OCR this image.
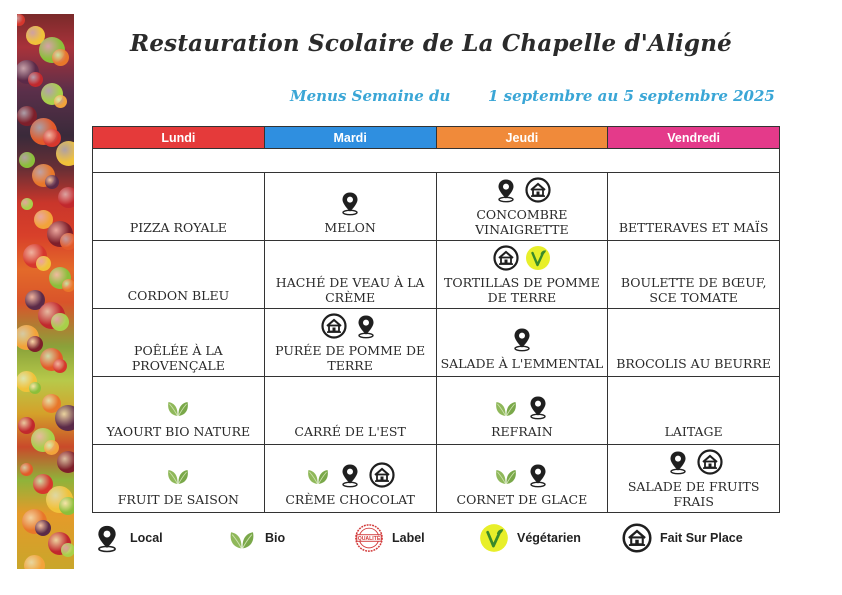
Restauration Scolaire de La Chapelle d'Aligné
Menus Semaine du	1 septembre au 5 septembre 2025
Lundi	Mardi	Jeudi	Vendredi

PIZZA ROYALE	MELON	CONCOMBRE VINAIGRETTE	BETTERAVES ET MAÏS

CORDON BLEU	HACHÉ DE VEAU À LA CRÈME	TORTILLAS DE POMME DE TERRE	BOULETTE DE BŒUF, SCE TOMATE

POÊLÉE À LA PROVENÇALE	PURÉE DE POMME DE TERRE	SALADE À L'EMMENTAL	BROCOLIS AU BEURRE

YAOURT BIO NATURE	CARRÉ DE L'EST	REFRAIN	LAITAGE

FRUIT DE SAISON	CRÈME CHOCOLAT	CORNET DE GLACE	SALADE DE FRUITS FRAIS
Local	Bio	QUALITÉ Label	Végétarien	Fait Sur Place
